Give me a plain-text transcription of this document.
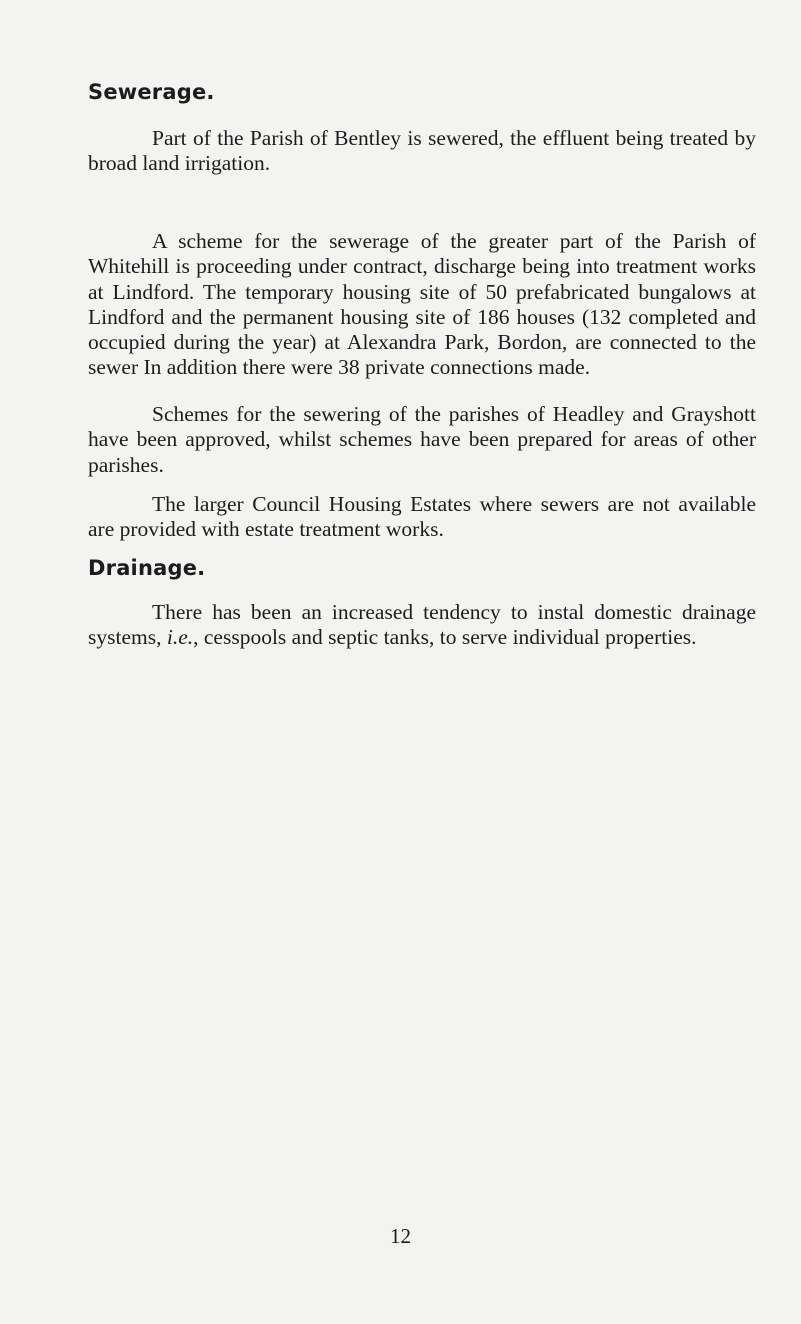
Sewerage.

Part of the Parish of Bentley is sewered, the effluent being treated by broad land irrigation.

A scheme for the sewerage of the greater part of the Parish of Whitehill is proceeding under contract, discharge being into treatment works at Lindford. The temporary housing site of 50 prefabricated bungalows at Lindford and the permanent housing site of 186 houses (132 completed and occupied during the year) at Alexandra Park, Bordon, are connected to the sewer In addition there were 38 private connections made.

Schemes for the sewering of the parishes of Headley and Grayshott have been approved, whilst schemes have been prepared for areas of other parishes.

The larger Council Housing Estates where sewers are not available are provided with estate treatment works.

Drainage.

There has been an increased tendency to instal domestic drainage systems, i.e., cesspools and septic tanks, to serve individual properties.

12
